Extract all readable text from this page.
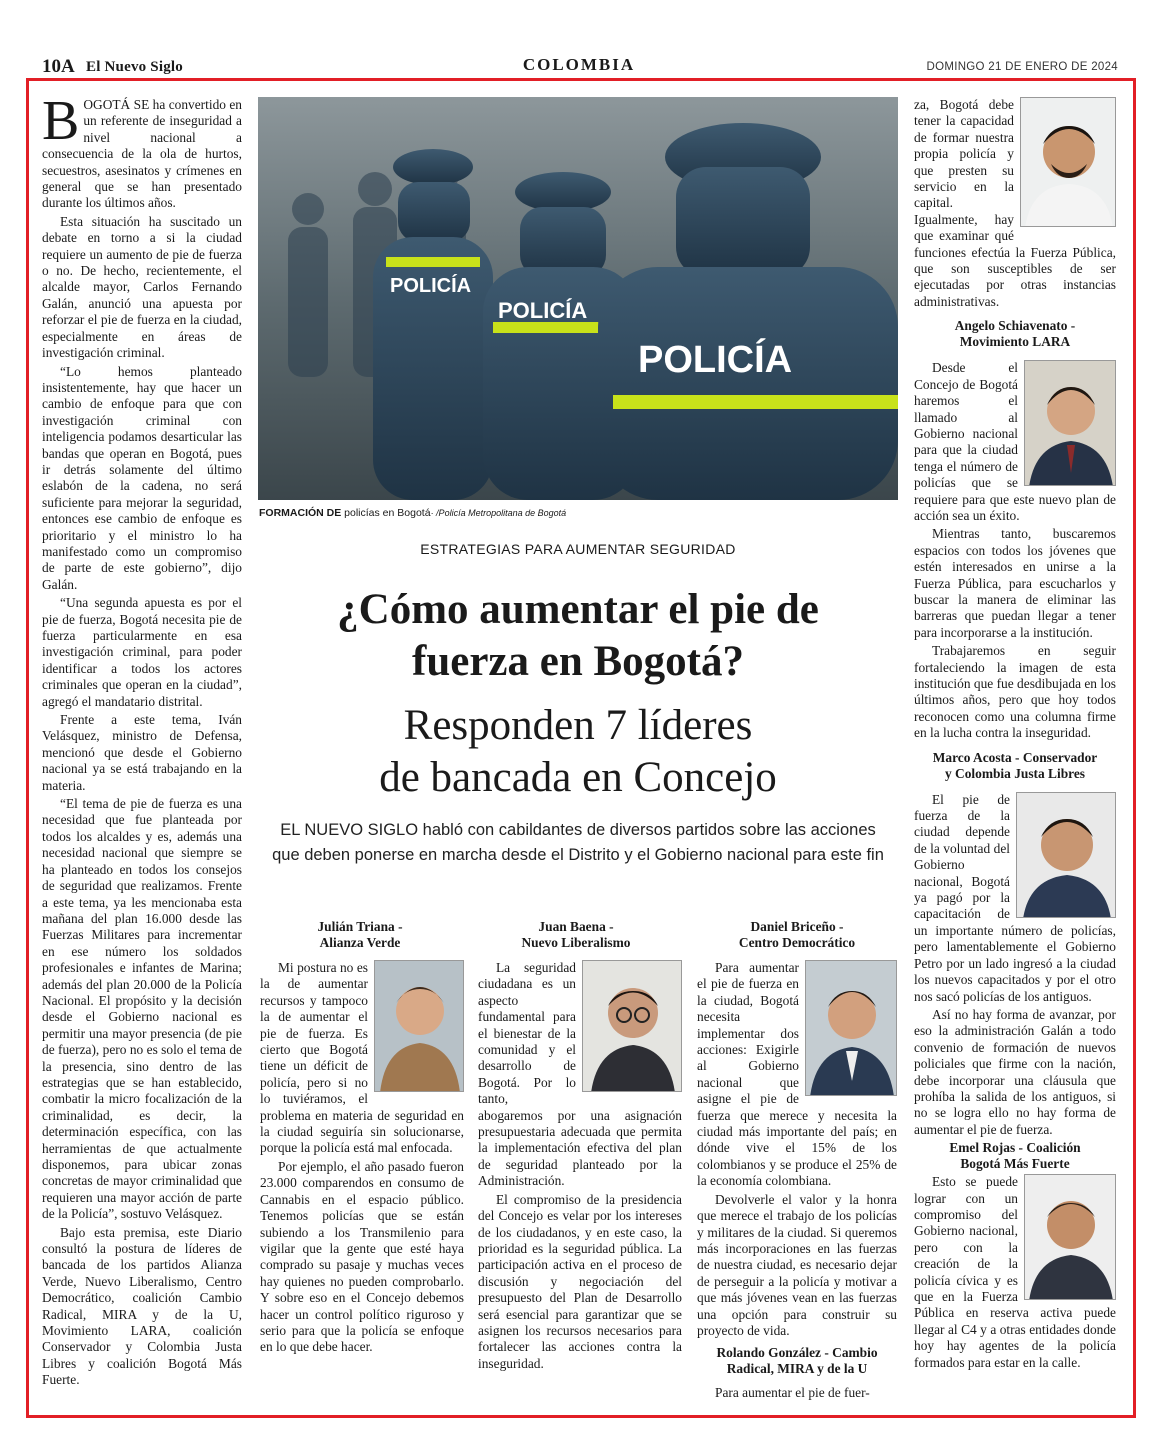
10A El Nuevo Siglo	COLOMBIA	DOMINGO 21 DE ENERO DE 2024

BOGOTÁ SE ha convertido en un referente de inseguridad a nivel nacional a consecuencia de la ola de hurtos, secuestros, asesinatos y crímenes en general que se han presentado durante los últimos años.

Esta situación ha suscitado un debate en torno a si la ciudad requiere un aumento de pie de fuerza o no. De hecho, recientemente, el alcalde mayor, Carlos Fernando Galán, anunció una apuesta por reforzar el pie de fuerza en la ciudad, especialmente en áreas de investigación criminal.

“Lo hemos planteado insistentemente, hay que hacer un cambio de enfoque para que con investigación criminal con inteligencia podamos desarticular las bandas que operan en Bogotá, pues ir detrás solamente del último eslabón de la cadena, no será suficiente para mejorar la seguridad, entonces ese cambio de enfoque es prioritario y el ministro lo ha manifestado como un compromiso de parte de este gobierno”, dijo Galán.

“Una segunda apuesta es por el pie de fuerza, Bogotá necesita pie de fuerza particularmente en esa investigación criminal, para poder identificar a todos los actores criminales que operan en la ciudad”, agregó el mandatario distrital.

Frente a este tema, Iván Velásquez, ministro de Defensa, mencionó que desde el Gobierno nacional ya se está trabajando en la materia.

“El tema de pie de fuerza es una necesidad que fue planteada por todos los alcaldes y es, además una necesidad nacional que siempre se ha planteado en todos los consejos de seguridad que realizamos. Frente a este tema, ya les mencionaba esta mañana del plan 16.000 desde las Fuerzas Militares para incrementar en ese número los soldados profesionales e infantes de Marina; además del plan 20.000 de la Policía Nacional. El propósito y la decisión desde el Gobierno nacional es permitir una mayor presencia (de pie de fuerza), pero no es solo el tema de la presencia, sino dentro de las estrategias que se han establecido, combatir la micro focalización de la criminalidad, es decir, la determinación específica, con las herramientas de que actualmente disponemos, para ubicar zonas concretas de mayor criminalidad que requieren una mayor acción de parte de la Policía”, sostuvo Velásquez.

Bajo esta premisa, este Diario consultó la postura de líderes de bancada de los partidos Alianza Verde, Nuevo Liberalismo, Centro Democrático, coalición Cambio Radical, MIRA y de la U, Movimiento LARA, coalición Conservador y Colombia Justa Libres y coalición Bogotá Más Fuerte.

POLICÍA
POLICÍA
POLICÍA
FORMACIÓN DE policías en Bogotá· /Policía Metropolitana de Bogotá
ESTRATEGIAS PARA AUMENTAR SEGURIDAD
¿Cómo aumentar el pie de
fuerza en Bogotá?
Responden 7 líderes
de bancada en Concejo
EL NUEVO SIGLO habló con cabildantes de diversos partidos sobre las acciones que deben ponerse en marcha desde el Distrito y el Gobierno nacional para este fin
Julián Triana -
Alianza Verde

Mi postura no es la de aumentar recursos y tampoco la de aumentar el pie de fuerza. Es cierto que Bogotá tiene un déficit de policía, pero si no lo tuviéramos, el problema en materia de seguridad en la ciudad seguiría sin solucionarse, porque la policía está mal enfocada.

Por ejemplo, el año pasado fueron 23.000 comparendos en consumo de Cannabis en el espacio público. Tenemos policías que se están subiendo a los Transmilenio para vigilar que la gente que esté haya comprado su pasaje y muchas veces hay quienes no pueden comprobarlo. Y sobre eso en el Concejo debemos hacer un control político riguroso y serio para que la policía se enfoque en lo que debe hacer.

Juan Baena -
Nuevo Liberalismo

La seguridad ciudadana es un aspecto fundamental para el bienestar de la comunidad y el desarrollo de Bogotá. Por lo tanto, abogaremos por una asignación presupuestaria adecuada que permita la implementación efectiva del plan de seguridad planteado por la Administración.

El compromiso de la presidencia del Concejo es velar por los intereses de los ciudadanos, y en este caso, la prioridad es la seguridad pública. La participación activa en el proceso de discusión y negociación del presupuesto del Plan de Desarrollo será esencial para garantizar que se asignen los recursos necesarios para fortalecer las acciones contra la inseguridad.

Daniel Briceño -
Centro Democrático

Para aumentar el pie de fuerza en la ciudad, Bogotá necesita implementar dos acciones: Exigirle al Gobierno nacional que asigne el pie de fuerza que merece y necesita la ciudad más importante del país; en dónde vive el 15% de los colombianos y se produce el 25% de la economía colombiana.

Devolverle el valor y la honra que merece el trabajo de los policías y militares de la ciudad. Si queremos más incorporaciones en las fuerzas de nuestra ciudad, es necesario dejar de perseguir a la policía y motivar a que más jóvenes vean en las fuerzas una opción para construir su proyecto de vida.

Rolando González - Cambio
Radical, MIRA y de la U

Para aumentar el pie de fuer-

za, Bogotá debe tener la capacidad de formar nuestra propia policía y que presten su servicio en la capital. Igualmente, hay que examinar qué funciones efectúa la Fuerza Pública, que son susceptibles de ser ejecutadas por otras instancias administrativas.

Angelo Schiavenato -
Movimiento LARA

Desde el Concejo de Bogotá haremos el llamado al Gobierno nacional para que la ciudad tenga el número de policías que se requiere para que este nuevo plan de acción sea un éxito.

Mientras tanto, buscaremos espacios con todos los jóvenes que estén interesados en unirse a la Fuerza Pública, para escucharlos y buscar la manera de eliminar las barreras que puedan llegar a tener para incorporarse a la institución.

Trabajaremos en seguir fortaleciendo la imagen de esta institución que fue desdibujada en los últimos años, pero que hoy todos reconocen como una columna firme en la lucha contra la inseguridad.

Marco Acosta - Conservador
y Colombia Justa Libres

El pie de fuerza de la ciudad depende de la voluntad del Gobierno nacional, Bogotá ya pagó por la capacitación de un importante número de policías, pero lamentablemente el Gobierno Petro por un lado ingresó a la ciudad los nuevos capacitados y por el otro nos sacó policías de los antiguos.

Así no hay forma de avanzar, por eso la administración Galán a todo convenio de formación de nuevos policiales que firme con la nación, debe incorporar una cláusula que prohíba la salida de los antiguos, si no se logra ello no hay forma de aumentar el pie de fuerza.

Emel Rojas - Coalición
Bogotá Más Fuerte

Esto se puede lograr con un compromiso del Gobierno nacional, pero con la creación de la policía cívica y es que en la Fuerza Pública en reserva activa puede llegar al C4 y a otras entidades donde hoy hay agentes de la policía formados para estar en la calle.
